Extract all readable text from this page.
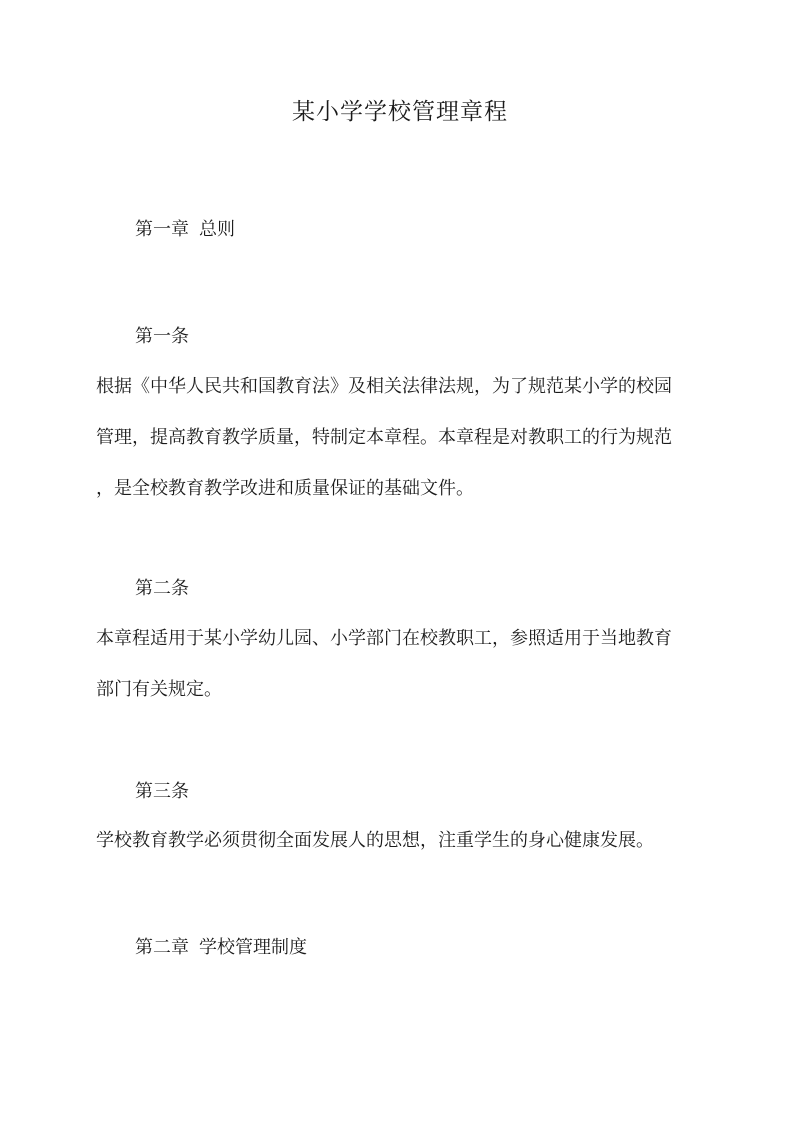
某小学学校管理章程
第一章 总则
第一条
根据《中华人民共和国教育法》及相关法律法规，为了规范某小学的校园
管理，提高教育教学质量，特制定本章程。本章程是对教职工的行为规范
，是全校教育教学改进和质量保证的基础文件。
第二条
本章程适用于某小学幼儿园、小学部门在校教职工，参照适用于当地教育
部门有关规定。
第三条
学校教育教学必须贯彻全面发展人的思想，注重学生的身心健康发展。
第二章 学校管理制度
